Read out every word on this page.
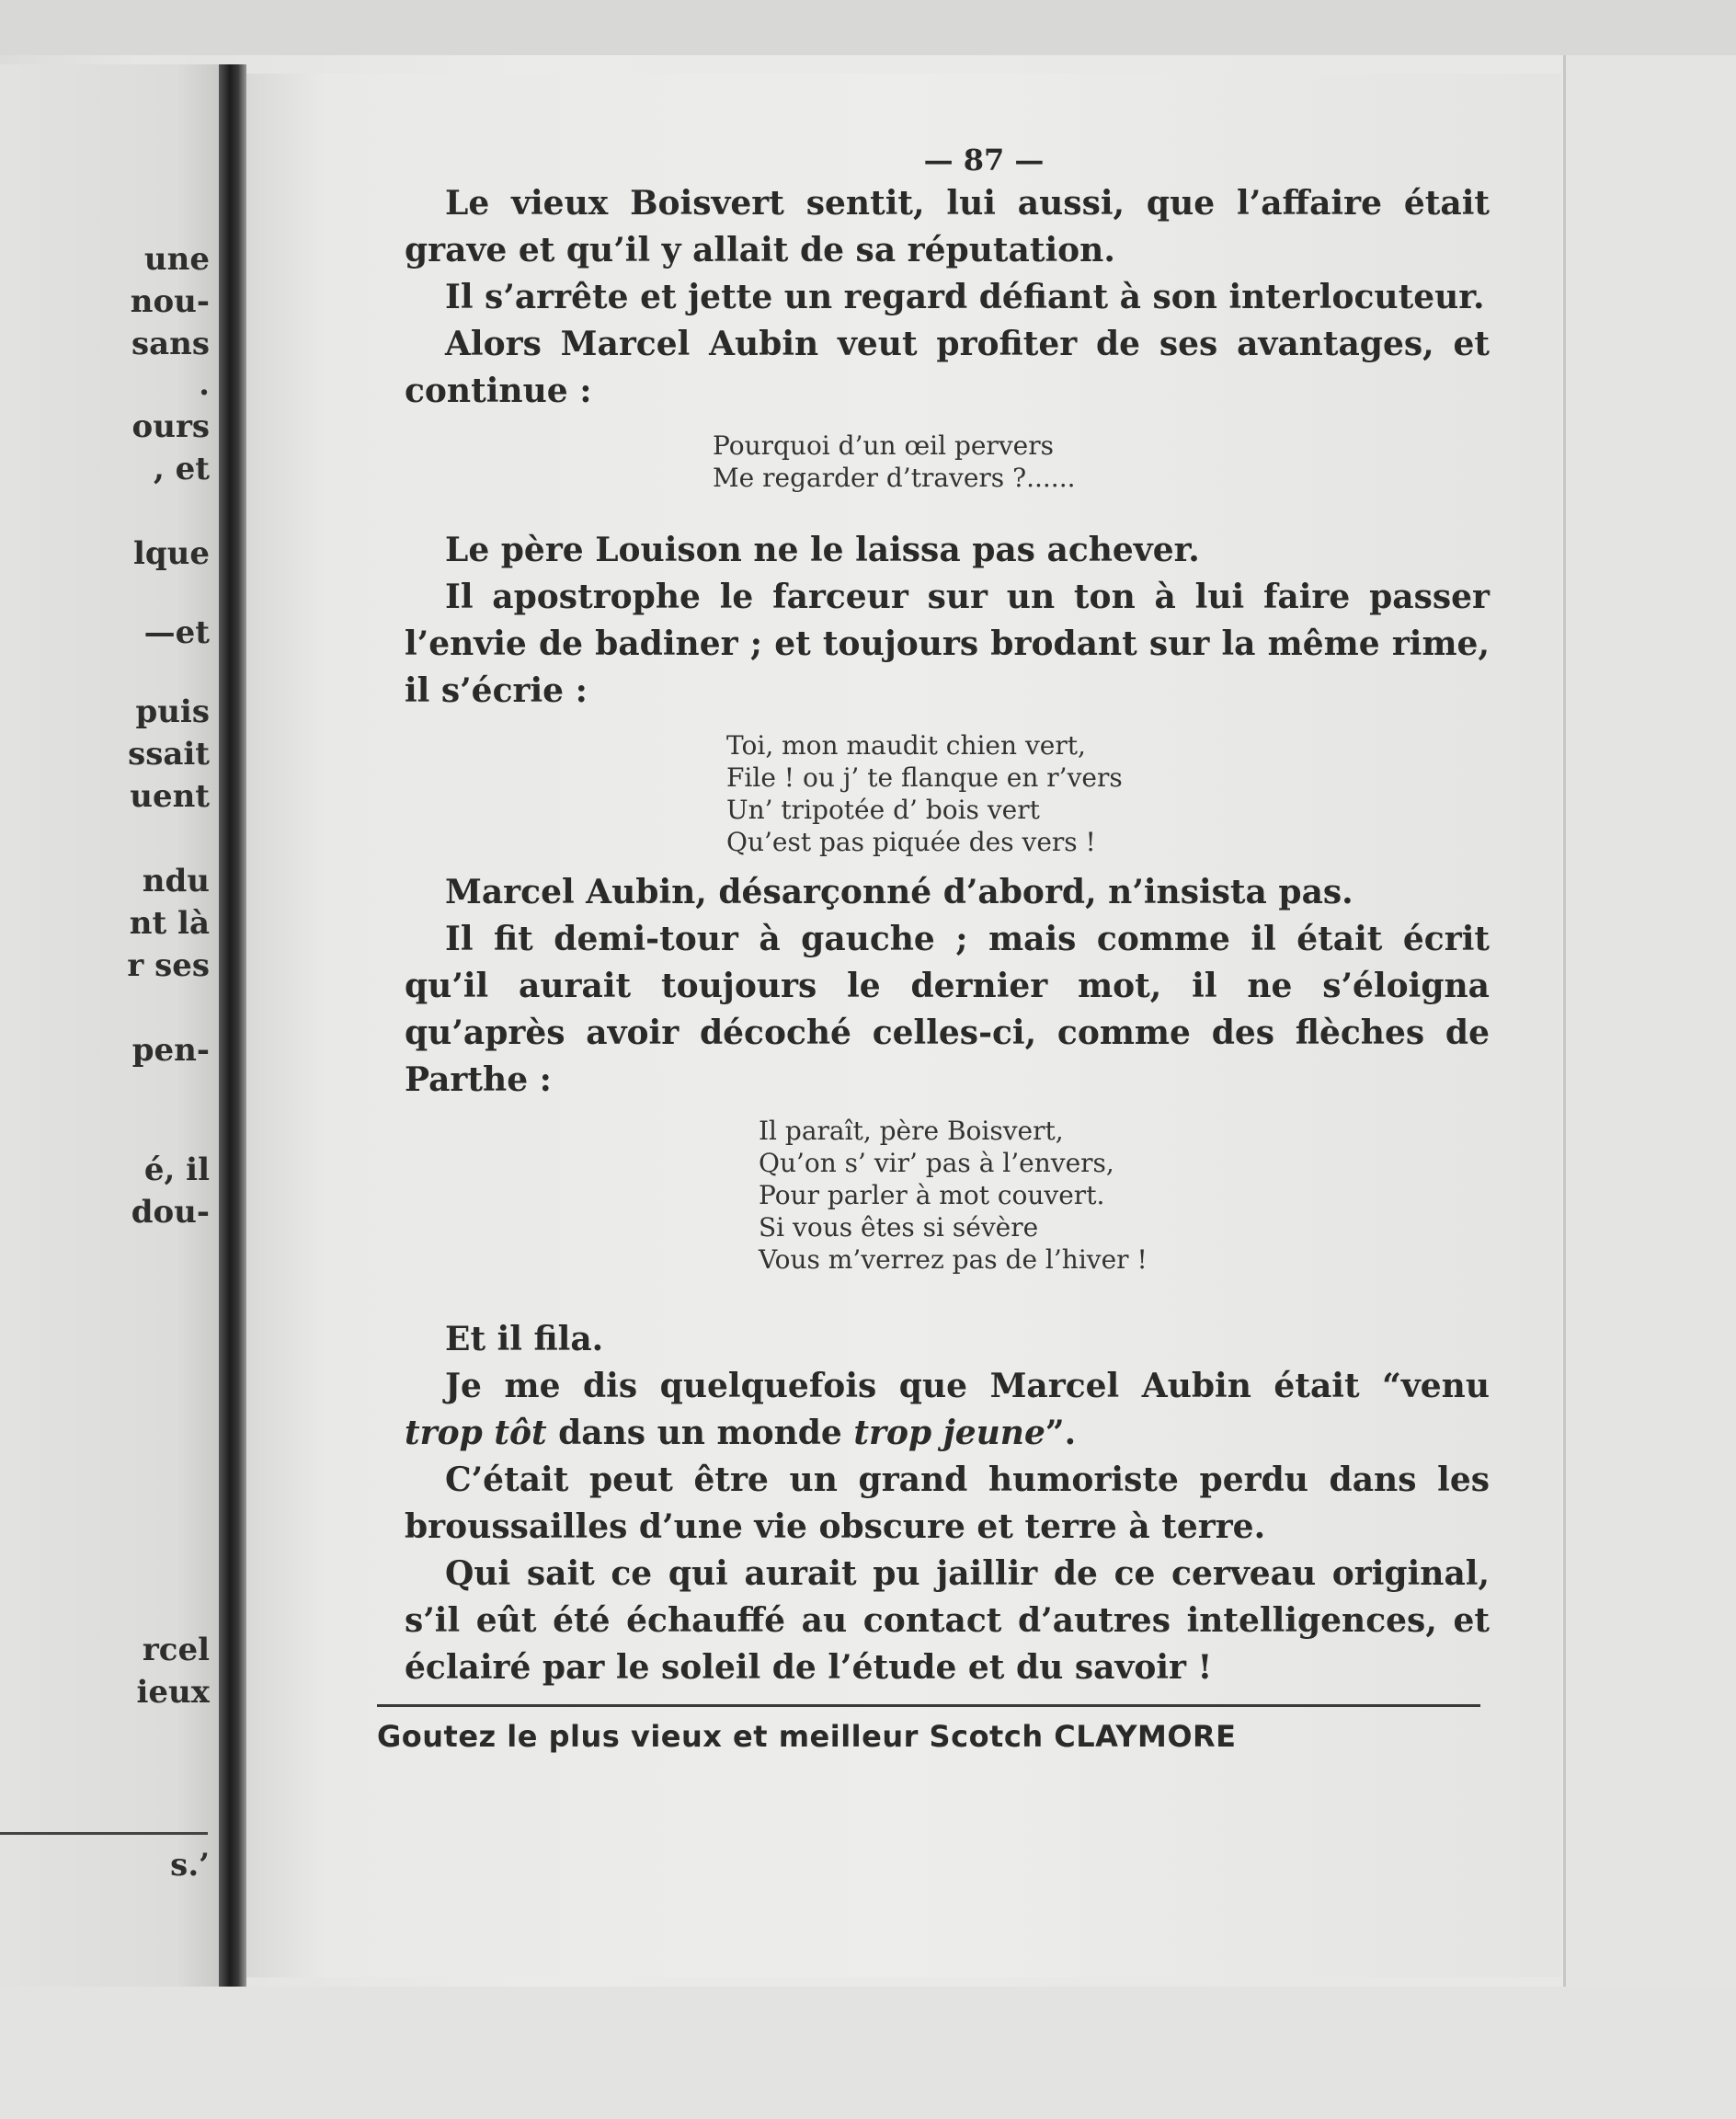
une
nou-
sans
.
ours
, et
lque
—et
puis
ssait
uent
ndu
nt là
r ses
pen-
é, il
dou-
rcel
ieux
s.’
— 87 —

Le vieux Boisvert sentit, lui aussi, que l’affaire était grave et qu’il y allait de sa réputation.

Il s’arrête et jette un regard défiant à son interlocuteur.

Alors Marcel Aubin veut profiter de ses avantages, et continue :

Pourquoi d’un œil pervers
Me regarder d’travers ?......

Le père Louison ne le laissa pas achever.

Il apostrophe le farceur sur un ton à lui faire passer l’envie de badiner ; et toujours brodant sur la même rime, il s’écrie :

Toi, mon maudit chien vert,
File ! ou j’ te flanque en r’vers
Un’ tripotée d’ bois vert
Qu’est pas piquée des vers !

Marcel Aubin, désarçonné d’abord, n’insista pas.

Il fit demi-tour à gauche ; mais comme il était écrit qu’il aurait toujours le dernier mot, il ne s’éloigna qu’après avoir décoché celles-ci, comme des flèches de Parthe :

Il paraît, père Boisvert,
Qu’on s’ vir’ pas à l’envers,
Pour parler à mot couvert.
Si vous êtes si sévère
Vous m’verrez pas de l’hiver !

Et il fila.

Je me dis quelquefois que Marcel Aubin était “venu trop tôt dans un monde trop jeune”.

C’était peut être un grand humoriste perdu dans les broussailles d’une vie obscure et terre à terre.

Qui sait ce qui aurait pu jaillir de ce cerveau original, s’il eût été échauffé au contact d’autres intelligences, et éclairé par le soleil de l’étude et du savoir !

Goutez le plus vieux et meilleur Scotch CLAYMORE
